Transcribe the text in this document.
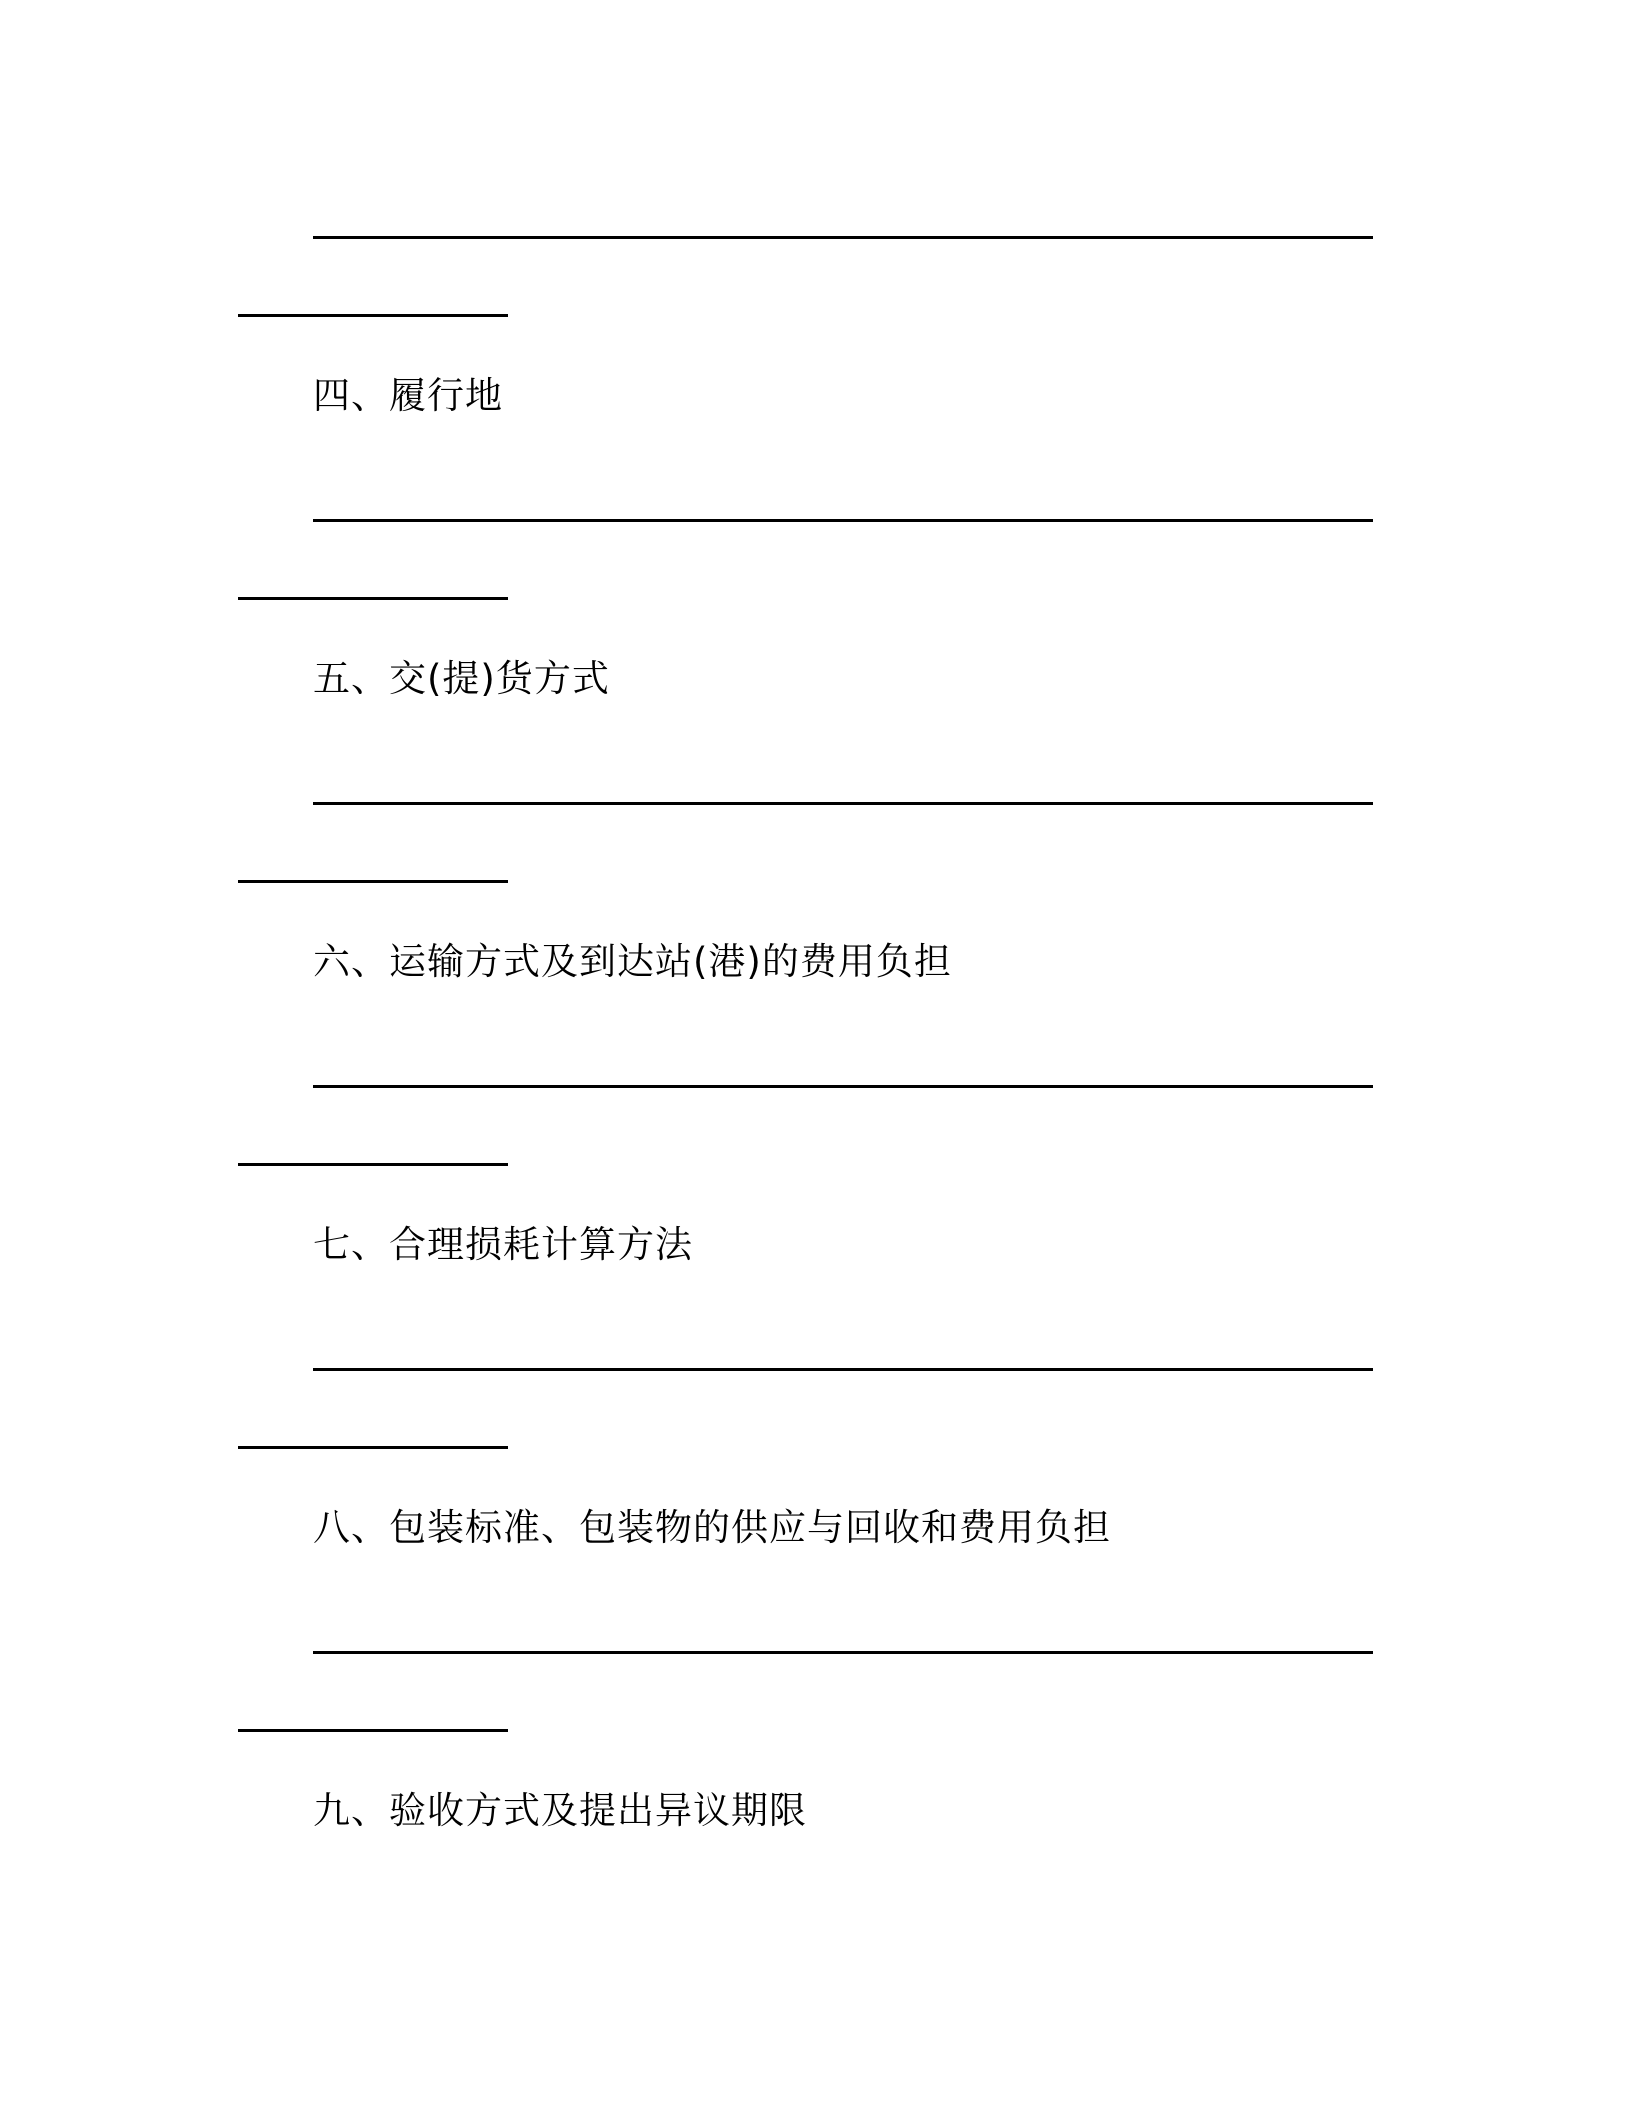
四、履行地
五、交(提)货方式
六、运输方式及到达站(港)的费用负担
七、合理损耗计算方法
八、包装标准、包装物的供应与回收和费用负担
九、验收方式及提出异议期限
